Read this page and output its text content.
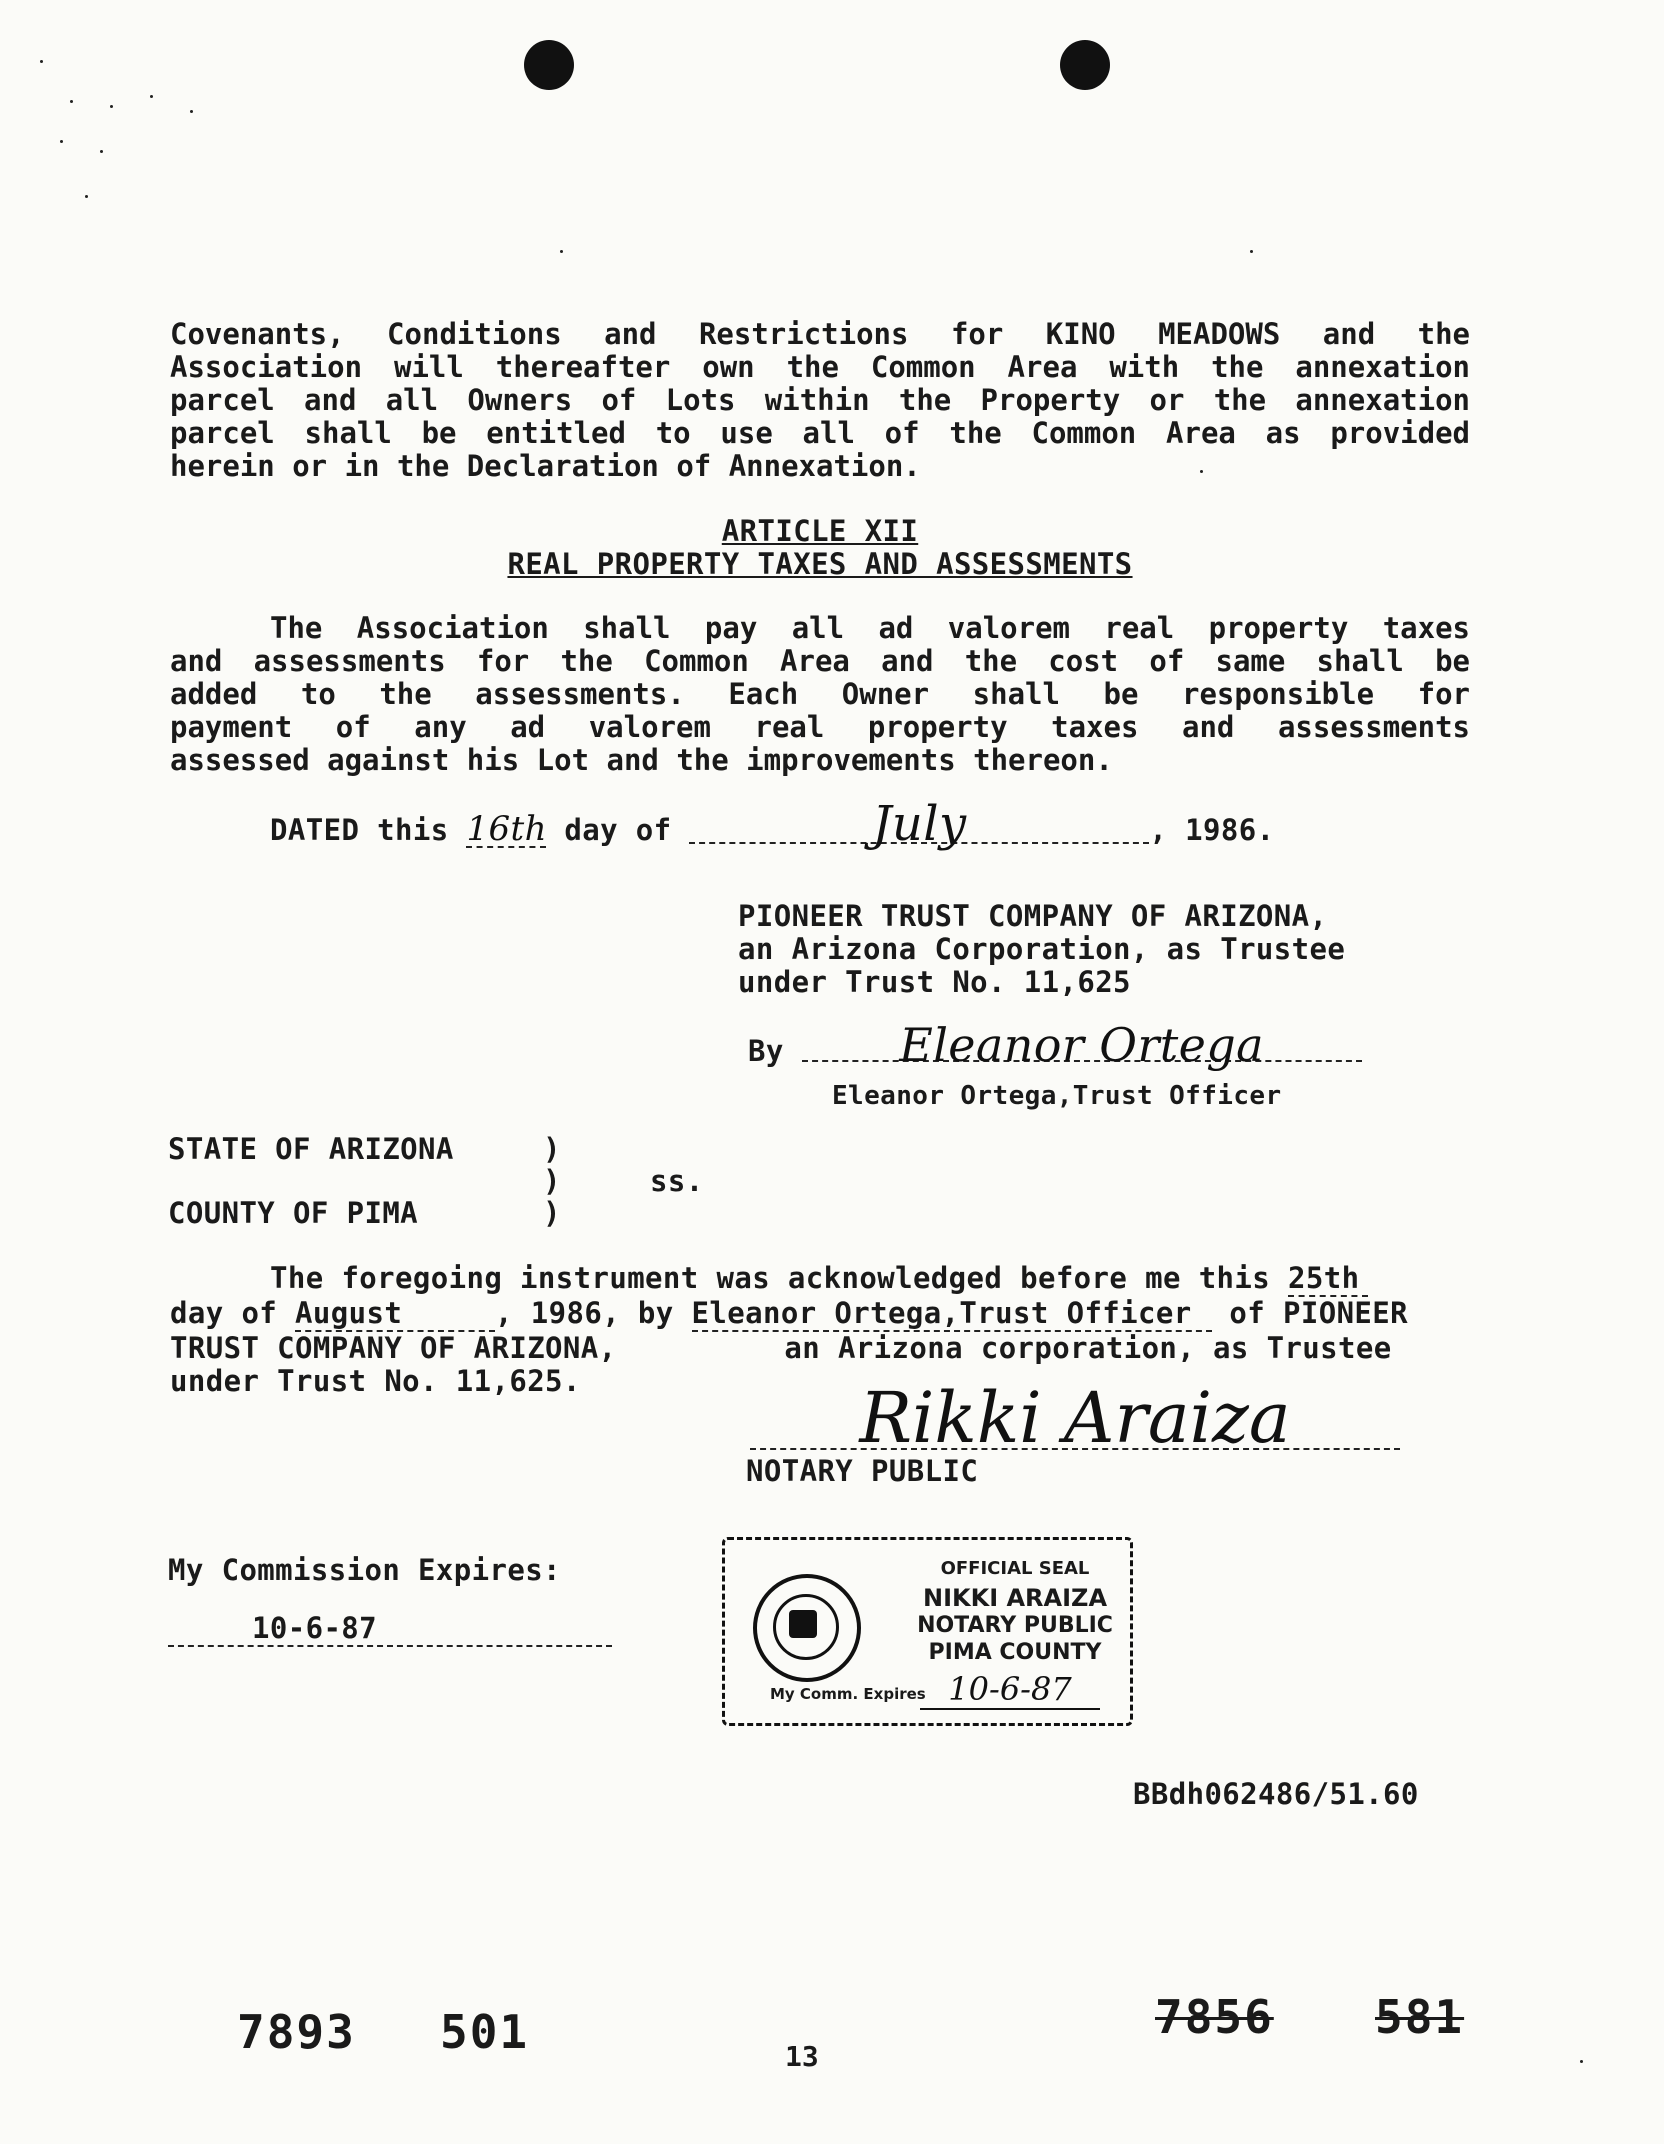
Covenants, Conditions and Restrictions for KINO MEADOWS and the
Association will thereafter own the Common Area with the annexation
parcel and all Owners of Lots within the Property or the annexation
parcel shall be entitled to use all of the Common Area as provided
herein or in the Declaration of Annexation.
ARTICLE XII
REAL PROPERTY TAXES AND ASSESSMENTS
The Association shall pay all ad valorem real property taxes
and assessments for the Common Area and the cost of same shall be
added to the assessments. Each Owner shall be responsible for
payment of any ad valorem real property taxes and assessments
assessed against his Lot and the improvements thereon.
DATED this 16th day of	July	, 1986.
PIONEER TRUST COMPANY OF ARIZONA,
an Arizona Corporation, as Trustee
under Trust No. 11,625
By	Eleanor Ortega
Eleanor Ortega,Trust Officer
STATE OF ARIZONA
COUNTY OF PIMA
)
)
)
ss.
The foregoing instrument was acknowledged before me this 25th
day of August	, 1986, by Eleanor Ortega,Trust Officer of PIONEER
TRUST COMPANY OF ARIZONA,	an Arizona corporation, as Trustee
under Trust No. 11,625.	Rikki Araiza
NOTARY PUBLIC
My Commission Expires:
10-6-87
OFFICIAL SEAL
NIKKI ARAIZA
NOTARY PUBLIC
PIMA COUNTY
My Comm. Expires 10-6-87
BBdh062486/51.60
7893 501	13
7856 581
